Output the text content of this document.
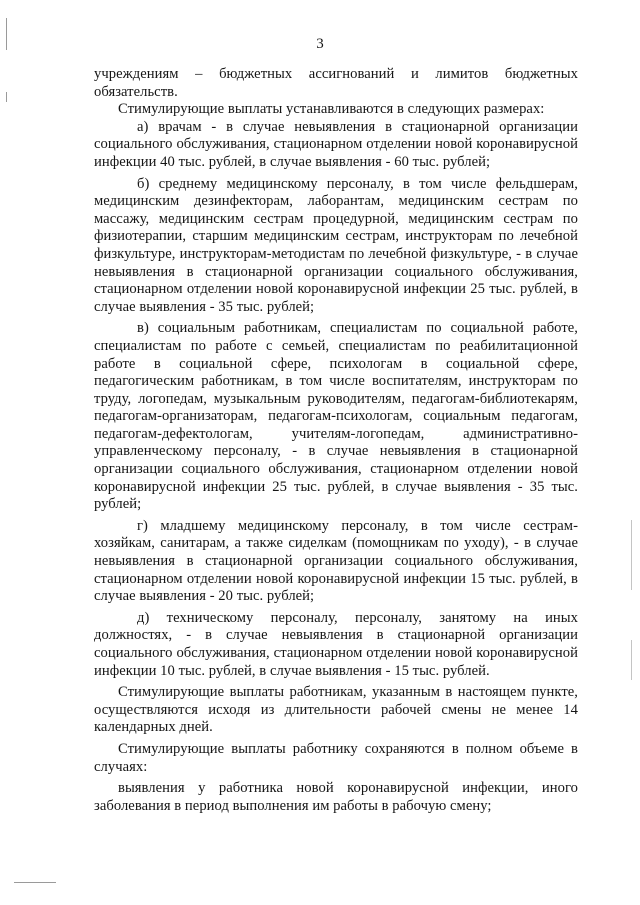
3

учреждениям – бюджетных ассигнований и лимитов бюджетных обязательств.

Стимулирующие выплаты устанавливаются в следующих размерах:

а) врачам - в случае невыявления в стационарной организации социального обслуживания, стационарном отделении новой коронавирусной инфекции 40 тыс. рублей, в случае выявления - 60 тыс. рублей;

б) среднему медицинскому персоналу, в том числе фельдшерам, медицинским дезинфекторам, лаборантам, медицинским сестрам по массажу, медицинским сестрам процедурной, медицинским сестрам по физиотерапии, старшим медицинским сестрам, инструкторам по лечебной физкультуре, инструкторам-методистам по лечебной физкультуре, - в случае невыявления в стационарной организации социального обслуживания, стационарном отделении новой коронавирусной инфекции 25 тыс. рублей, в случае выявления - 35 тыс. рублей;

в) социальным работникам, специалистам по социальной работе, специалистам по работе с семьей, специалистам по реабилитационной работе в социальной сфере, психологам в социальной сфере, педагогическим работникам, в том числе воспитателям, инструкторам по труду, логопедам, музыкальным руководителям, педагогам-библиотекарям, педагогам-организаторам, педагогам-психологам, социальным педагогам, педагогам-дефектологам, учителям-логопедам, административно-управленческому персоналу, - в случае невыявления в стационарной организации социального обслуживания, стационарном отделении новой коронавирусной инфекции 25 тыс. рублей, в случае выявления - 35 тыс. рублей;

г) младшему медицинскому персоналу, в том числе сестрам-хозяйкам, санитарам, а также сиделкам (помощникам по уходу), - в случае невыявления в стационарной организации социального обслуживания, стационарном отделении новой коронавирусной инфекции 15 тыс. рублей, в случае выявления - 20 тыс. рублей;

д) техническому персоналу, персоналу, занятому на иных должностях, - в случае невыявления в стационарной организации социального обслуживания, стационарном отделении новой коронавирусной инфекции 10 тыс. рублей, в случае выявления - 15 тыс. рублей.

Стимулирующие выплаты работникам, указанным в настоящем пункте, осуществляются исходя из длительности рабочей смены не менее 14 календарных дней.

Стимулирующие выплаты работнику сохраняются в полном объеме в случаях:

выявления у работника новой коронавирусной инфекции, иного заболевания в период выполнения им работы в рабочую смену;
